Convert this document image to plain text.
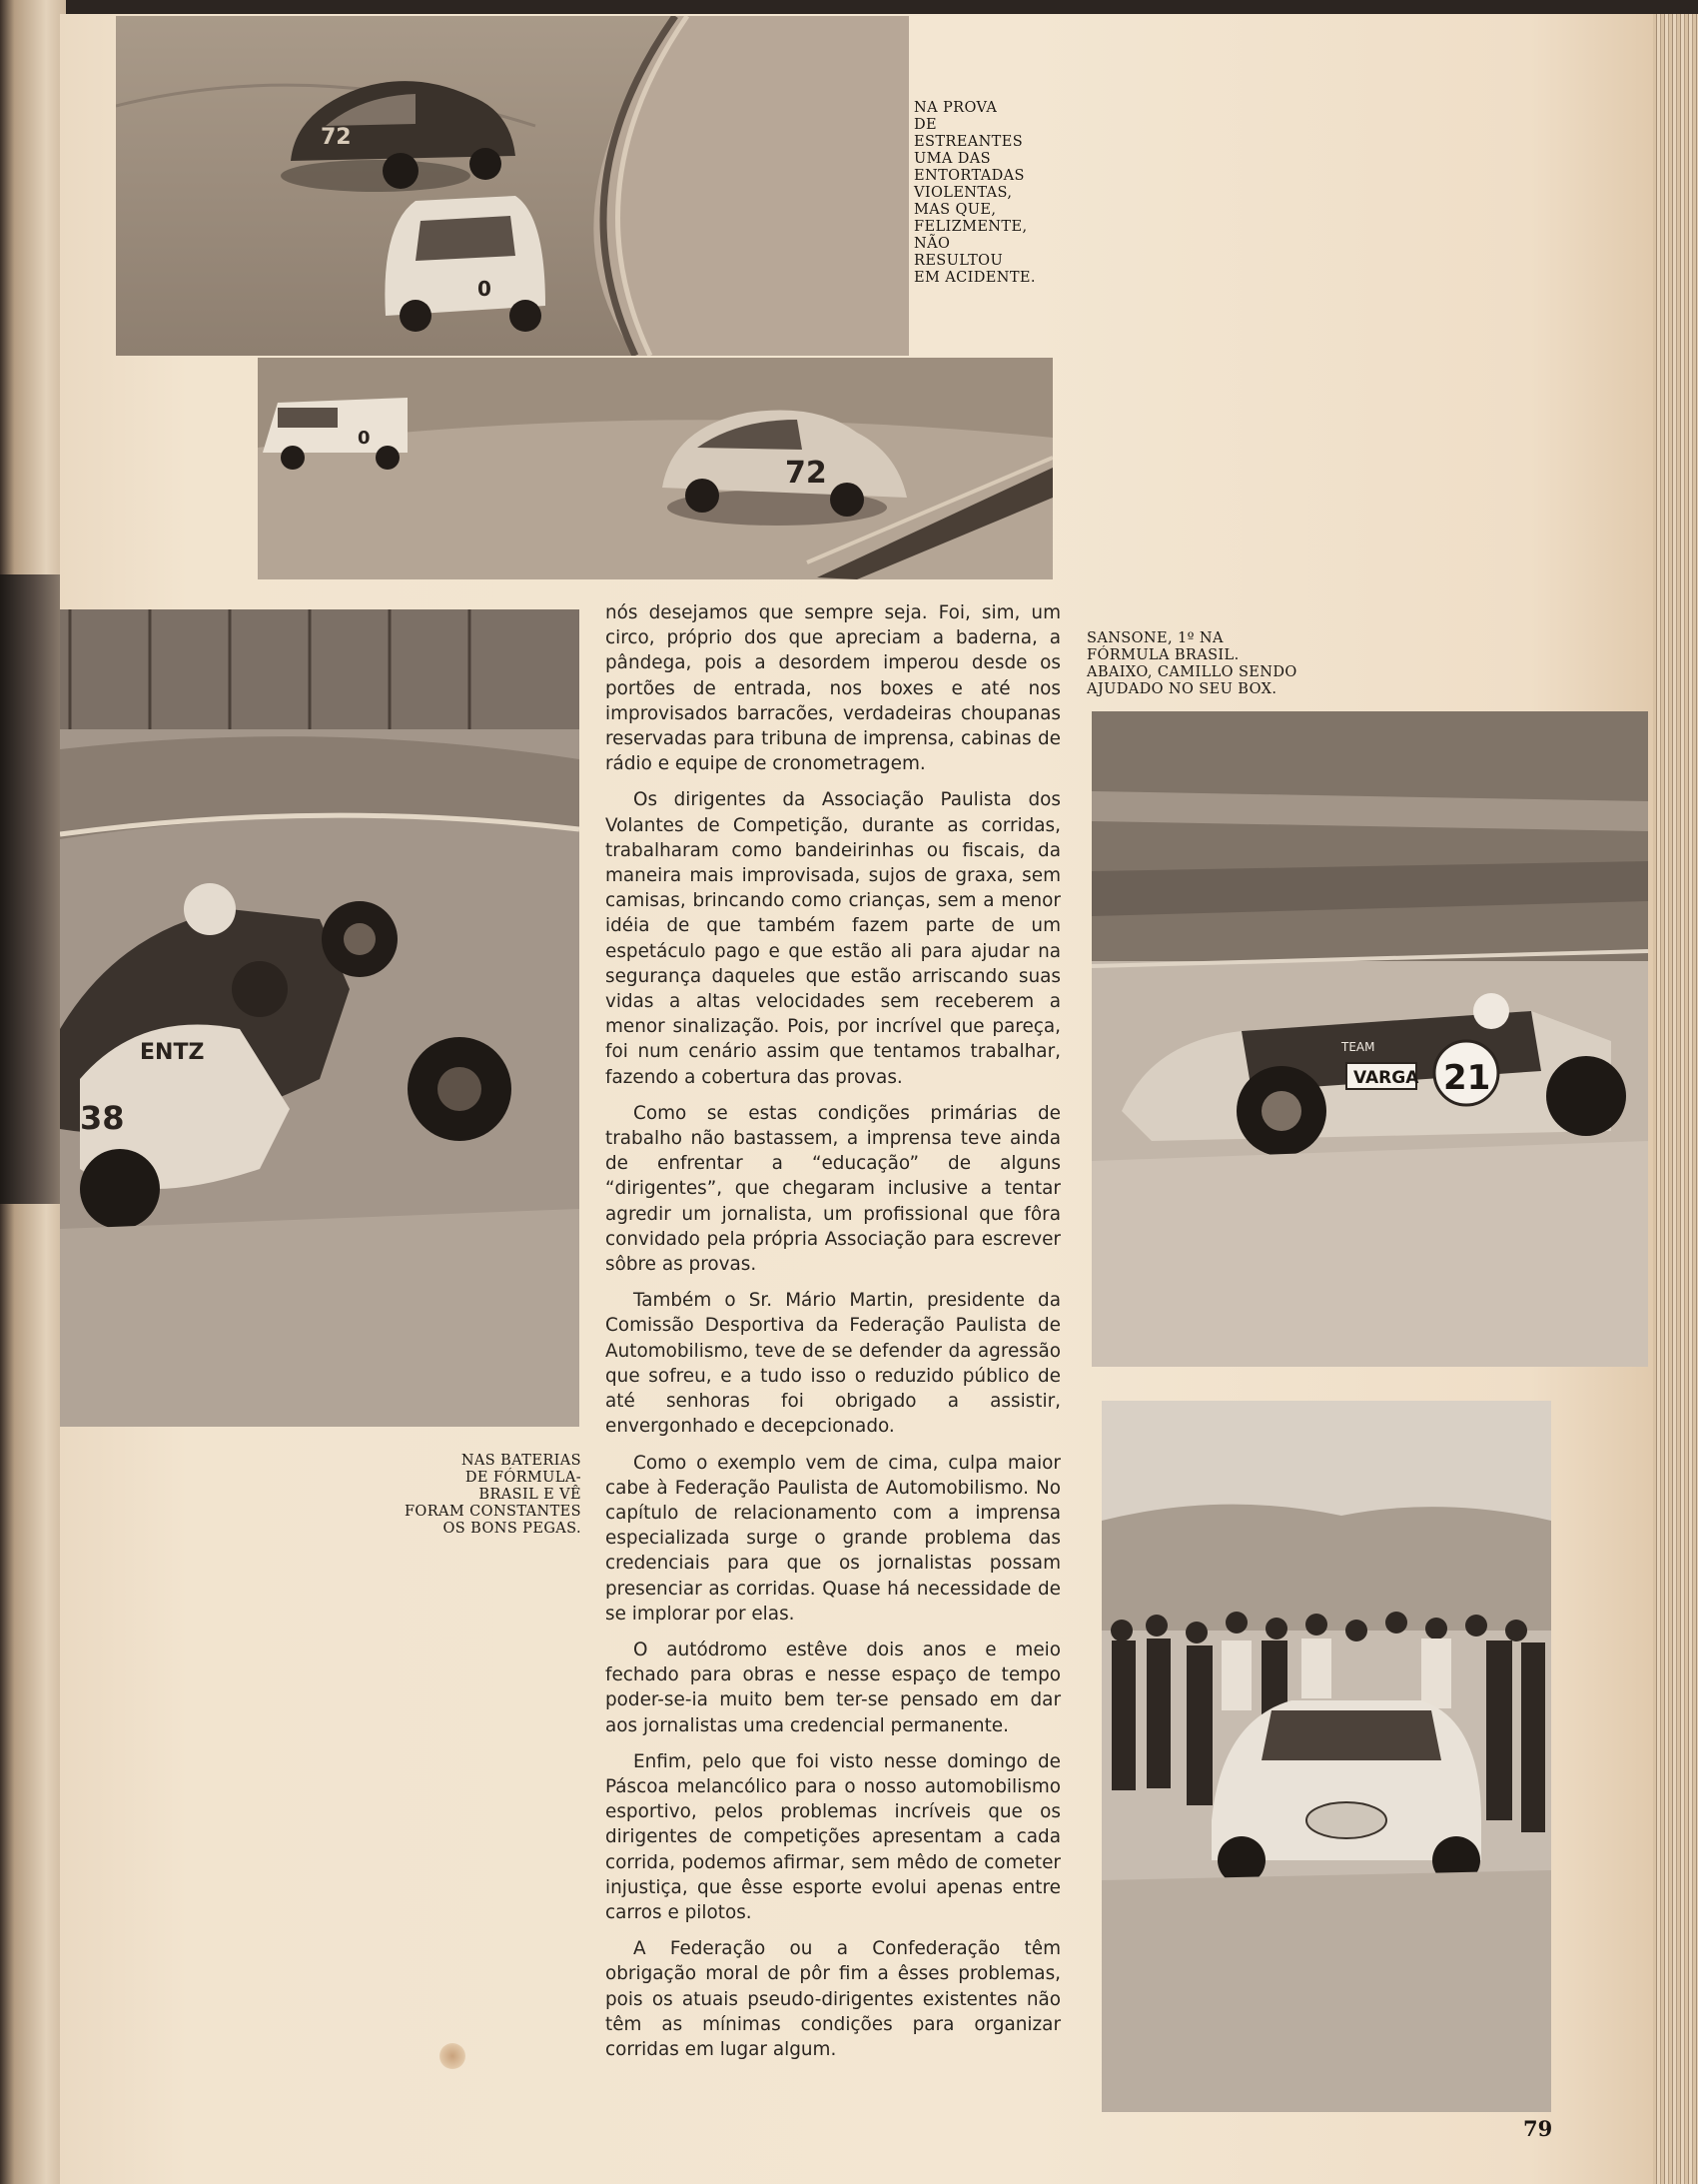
72
0
0
72
ENTZ
38
21
VARGA
TEAM

NA PROVA
DE
ESTREANTES
UMA DAS
ENTORTADAS
VIOLENTAS,
MAS QUE,
FELIZMENTE,
NÃO
RESULTOU
EM ACIDENTE.

SANSONE, 1º NA
FÓRMULA BRASIL.
ABAIXO, CAMILLO SENDO
AJUDADO NO SEU BOX.

NAS BATERIAS
DE FÓRMULA-
BRASIL E VÊ
FORAM CONSTANTES
OS BONS PEGAS.

nós desejamos que sempre seja. Foi, sim, um circo, próprio dos que apreciam a baderna, a pândega, pois a desordem imperou desde os portões de entrada, nos boxes e até nos improvisados barracões, verdadeiras choupanas reservadas para tribuna de imprensa, cabinas de rádio e equipe de cronometragem.

Os dirigentes da Associação Paulista dos Volantes de Competição, durante as corridas, trabalharam como bandeirinhas ou fiscais, da maneira mais improvisada, sujos de graxa, sem camisas, brincando como crianças, sem a menor idéia de que também fazem parte de um espetáculo pago e que estão ali para ajudar na segurança daqueles que estão arriscando suas vidas a altas velocidades sem receberem a menor sinalização. Pois, por incrível que pareça, foi num cenário assim que tentamos trabalhar, fazendo a cobertura das provas.

Como se estas condições primárias de trabalho não bastassem, a imprensa teve ainda de enfrentar a “educação” de alguns “dirigentes”, que chegaram inclusive a tentar agredir um jornalista, um profissional que fôra convidado pela própria Associação para escrever sôbre as provas.

Também o Sr. Mário Martin, presidente da Comissão Desportiva da Federação Paulista de Automobilismo, teve de se defender da agressão que sofreu, e a tudo isso o reduzido público de até senhoras foi obrigado a assistir, envergonhado e decepcionado.

Como o exemplo vem de cima, culpa maior cabe à Federação Paulista de Automobilismo. No capítulo de relacionamento com a imprensa especializada surge o grande problema das credenciais para que os jornalistas possam presenciar as corridas. Quase há necessidade de se implorar por elas.

O autódromo estêve dois anos e meio fechado para obras e nesse espaço de tempo poder-se-ia muito bem ter-se pensado em dar aos jornalistas uma credencial permanente.

Enfim, pelo que foi visto nesse domingo de Páscoa melancólico para o nosso automobilismo esportivo, pelos problemas incríveis que os dirigentes de competições apresentam a cada corrida, podemos afirmar, sem mêdo de cometer injustiça, que êsse esporte evolui apenas entre carros e pilotos.

A Federação ou a Confederação têm obrigação moral de pôr fim a êsses problemas, pois os atuais pseudo-dirigentes existentes não têm as mínimas condições para organizar corridas em lugar algum.

79
